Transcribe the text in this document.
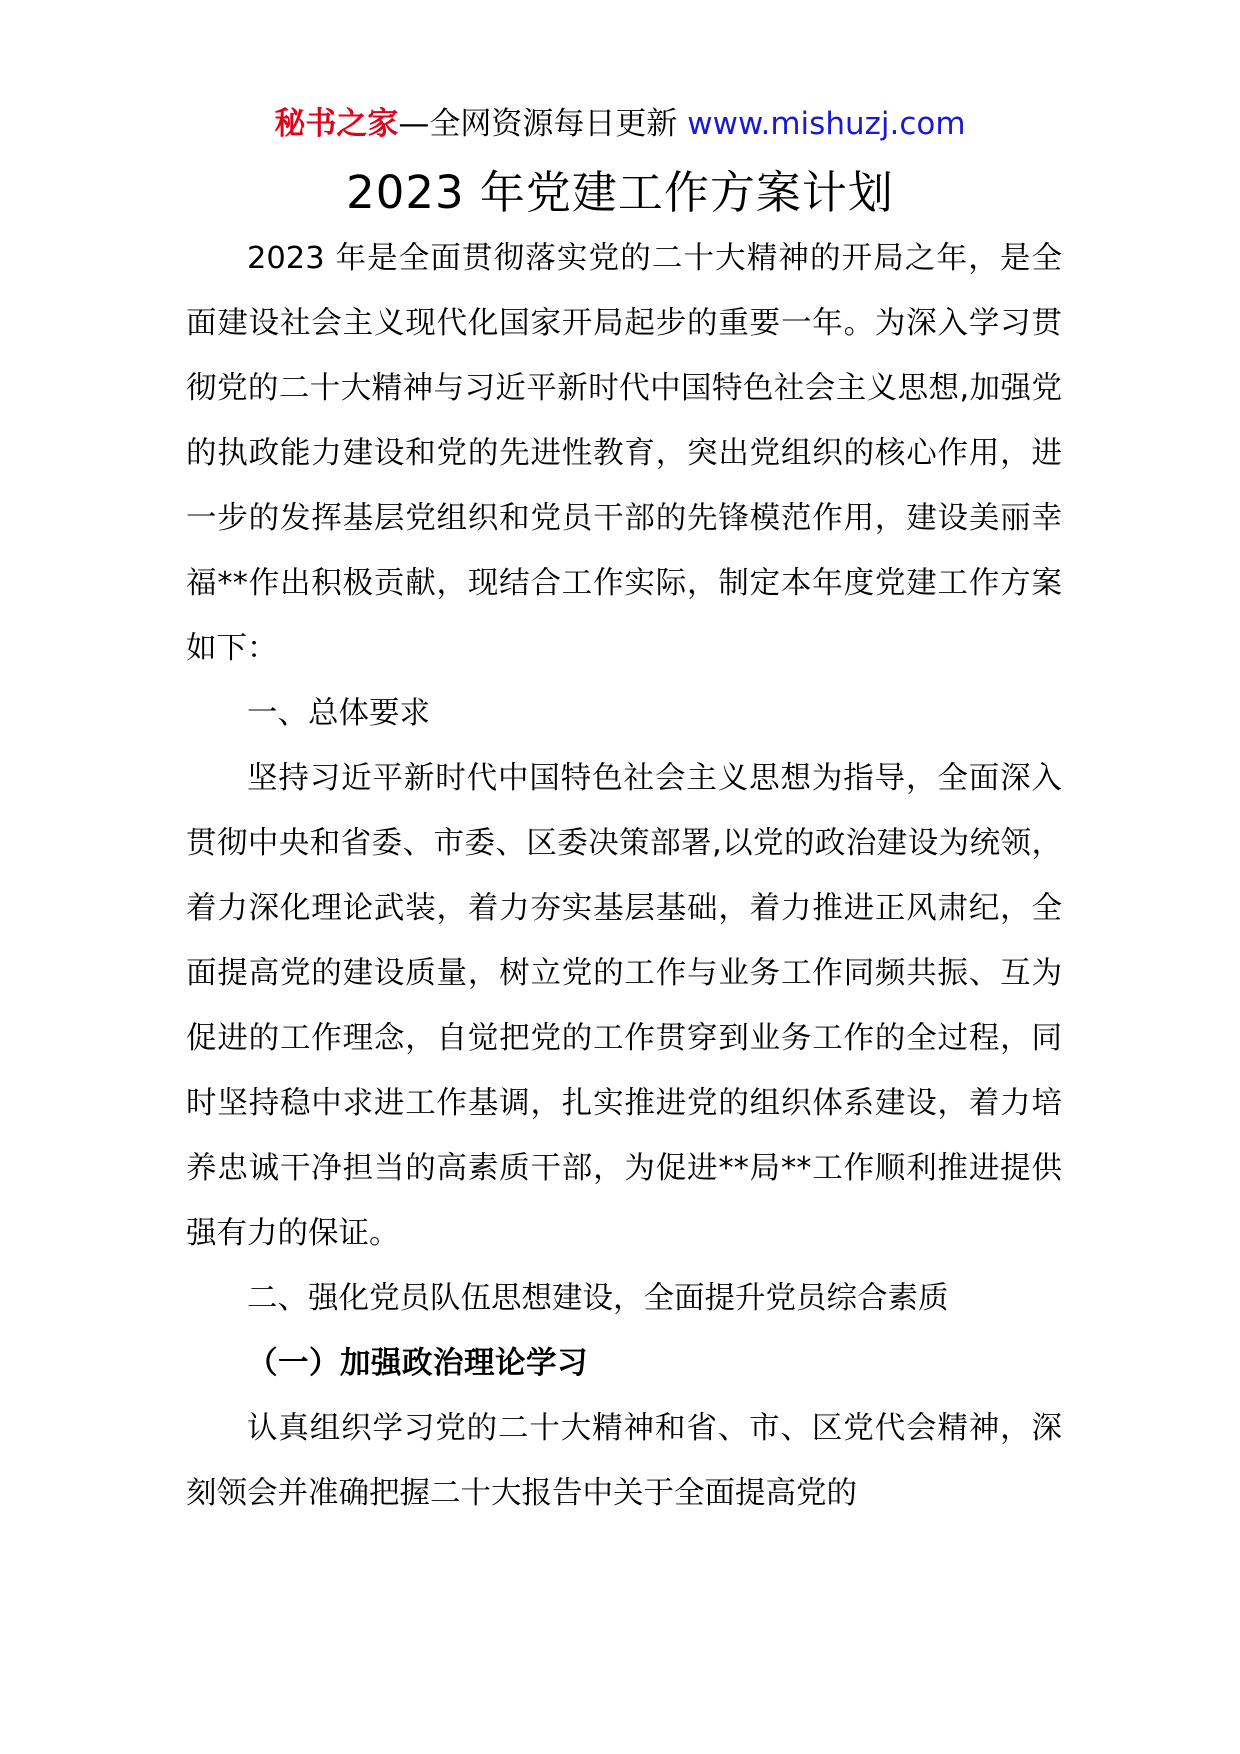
秘书之家—全网资源每日更新 www.mishuzj.com
2023 年党建工作方案计划

2023 年是全面贯彻落实党的二十大精神的开局之年，是全面建设社会主义现代化国家开局起步的重要一年。为深入学习贯彻党的二十大精神与习近平新时代中国特色社会主义思想,加强党的执政能力建设和党的先进性教育，突出党组织的核心作用，进一步的发挥基层党组织和党员干部的先锋模范作用，建设美丽幸福**作出积极贡献，现结合工作实际，制定本年度党建工作方案如下：

一、总体要求

坚持习近平新时代中国特色社会主义思想为指导，全面深入贯彻中央和省委、市委、区委决策部署,以党的政治建设为统领，着力深化理论武装，着力夯实基层基础，着力推进正风肃纪，全面提高党的建设质量，树立党的工作与业务工作同频共振、互为促进的工作理念，自觉把党的工作贯穿到业务工作的全过程，同时坚持稳中求进工作基调，扎实推进党的组织体系建设，着力培养忠诚干净担当的高素质干部，为促进**局**工作顺利推进提供强有力的保证。

二、强化党员队伍思想建设，全面提升党员综合素质

（一）加强政治理论学习

认真组织学习党的二十大精神和省、市、区党代会精神，深刻领会并准确把握二十大报告中关于全面提高党的
